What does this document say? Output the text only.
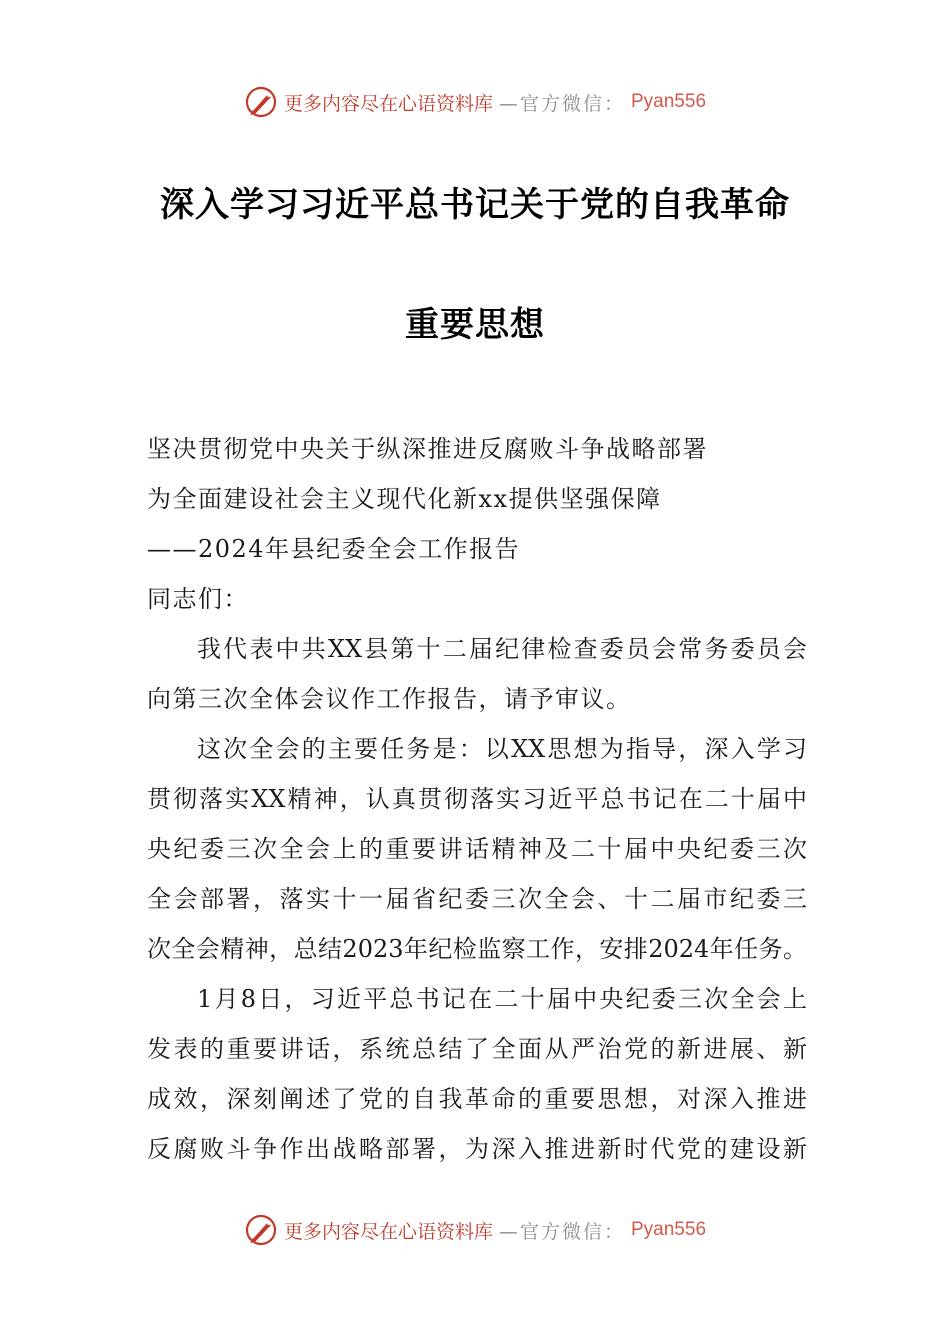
更多内容尽在心语资料库 —官方微信： Pyan556
深入学习习近平总书记关于党的自我革命
重要思想
坚决贯彻党中央关于纵深推进反腐败斗争战略部署
为全面建设社会主义现代化新xx提供坚强保障
——2024年县纪委全会工作报告
同志们：
我代表中共XX县第十二届纪律检查委员会常务委员会
向第三次全体会议作工作报告，请予审议。
这次全会的主要任务是：以XX思想为指导，深入学习
贯彻落实XX精神，认真贯彻落实习近平总书记在二十届中
央纪委三次全会上的重要讲话精神及二十届中央纪委三次
全会部署，落实十一届省纪委三次全会、十二届市纪委三
次全会精神，总结2023年纪检监察工作，安排2024年任务。
1月8日，习近平总书记在二十届中央纪委三次全会上
发表的重要讲话，系统总结了全面从严治党的新进展、新
成效，深刻阐述了党的自我革命的重要思想，对深入推进
反腐败斗争作出战略部署，为深入推进新时代党的建设新
更多内容尽在心语资料库 —官方微信： Pyan556
